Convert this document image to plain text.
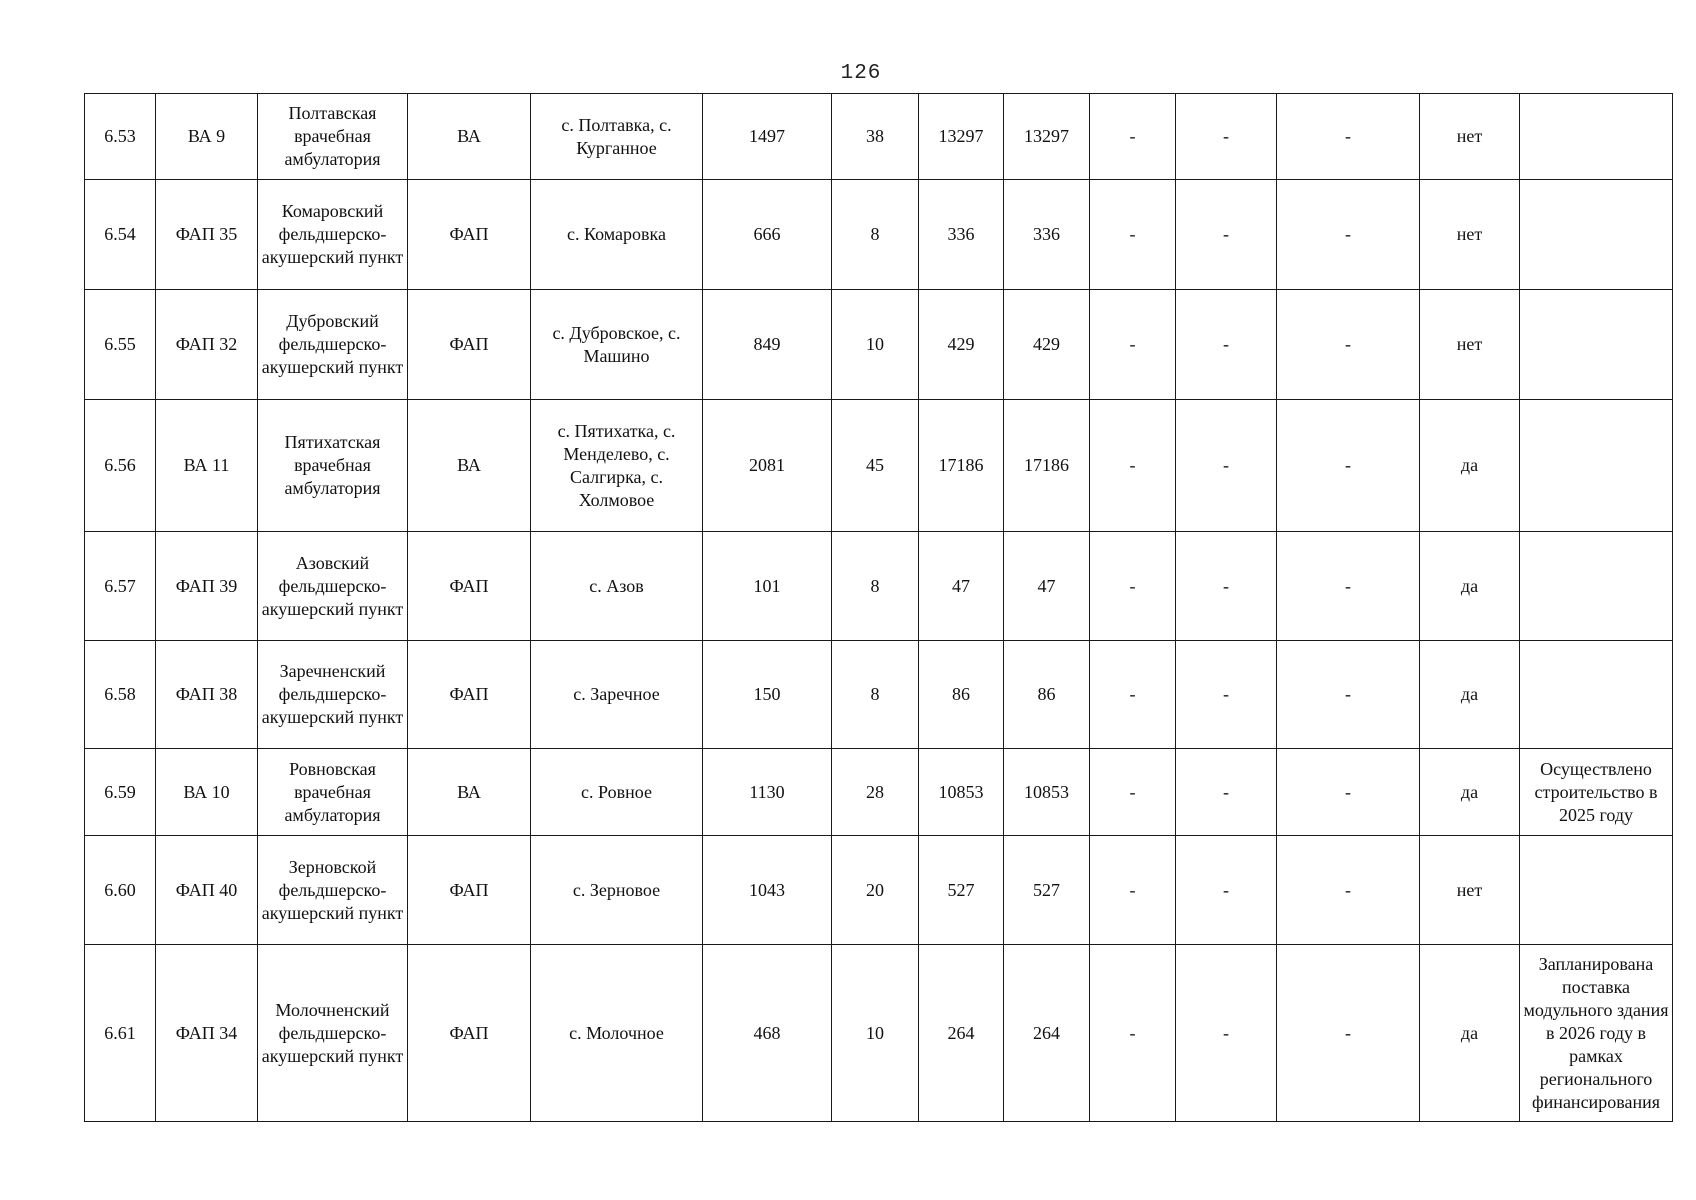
126
6.53	ВА 9	Полтавская врачебная амбулатория	ВА	с. Полтавка, с. Курганное	1497	38	13297	13297	-	-	-	нет	
6.54	ФАП 35	Комаровский фельдшерско-акушерский пункт	ФАП	с. Комаровка	666	8	336	336	-	-	-	нет	
6.55	ФАП 32	Дубровский фельдшерско-акушерский пункт	ФАП	с. Дубровское, с. Машино	849	10	429	429	-	-	-	нет	
6.56	ВА 11	Пятихатская врачебная амбулатория	ВА	с. Пятихатка, с. Менделево, с. Салгирка, с. Холмовое	2081	45	17186	17186	-	-	-	да	
6.57	ФАП 39	Азовский фельдшерско-акушерский пункт	ФАП	с. Азов	101	8	47	47	-	-	-	да	
6.58	ФАП 38	Заречненский фельдшерско-акушерский пункт	ФАП	с. Заречное	150	8	86	86	-	-	-	да	
6.59	ВА 10	Ровновская врачебная амбулатория	ВА	с. Ровное	1130	28	10853	10853	-	-	-	да	Осуществлено строительство в 2025 году
6.60	ФАП 40	Зерновской фельдшерско-акушерский пункт	ФАП	с. Зерновое	1043	20	527	527	-	-	-	нет	
6.61	ФАП 34	Молочненский фельдшерско-акушерский пункт	ФАП	с. Молочное	468	10	264	264	-	-	-	да	Запланирована поставка модульного здания в 2026 году в рамках регионального финансирования
